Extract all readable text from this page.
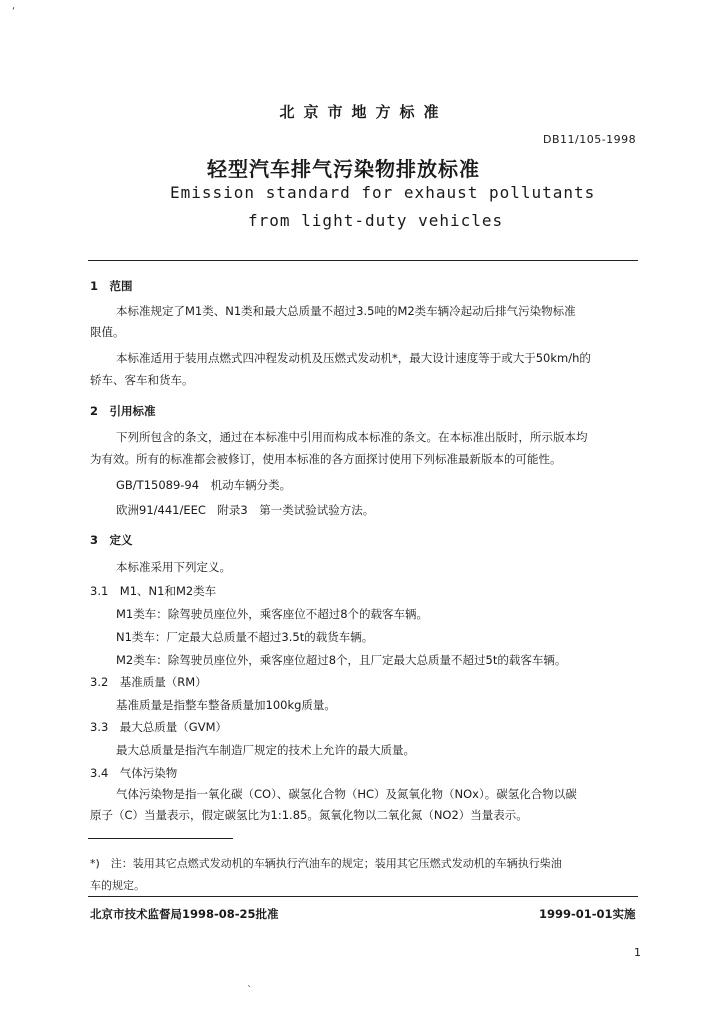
‘
北京市地方标准
DB11/105-1998
轻型汽车排气污染物排放标准
Emission standard for exhaust pollutants
from light-duty vehicles
1　范围
本标准规定了M1类、N1类和最大总质量不超过3.5吨的M2类车辆冷起动后排气污染物标准
限值。
本标准适用于装用点燃式四冲程发动机及压燃式发动机*，最大设计速度等于或大于50km/h的
轿车、客车和货车。
2　引用标准
下列所包含的条文，通过在本标准中引用而构成本标准的条文。在本标准出版时，所示版本均
为有效。所有的标准都会被修订，使用本标准的各方面探讨使用下列标准最新版本的可能性。
GB/T15089-94　机动车辆分类。
欧洲91/441/EEC　附录3　第一类试验试验方法。
3　定义
本标准采用下列定义。
3.1　M1、N1和M2类车
M1类车：除驾驶员座位外，乘客座位不超过8个的载客车辆。
N1类车：厂定最大总质量不超过3.5t的载货车辆。
M2类车：除驾驶员座位外，乘客座位超过8个，且厂定最大总质量不超过5t的载客车辆。
3.2　基准质量（RM）
基准质量是指整车整备质量加100kg质量。
3.3　最大总质量（GVM）
最大总质量是指汽车制造厂规定的技术上允许的最大质量。
3.4　气体污染物
气体污染物是指一氧化碳（CO）、碳氢化合物（HC）及氮氧化物（NOx）。碳氢化合物以碳
原子（C）当量表示，假定碳氢比为1:1.85。氮氧化物以二氧化氮（NO2）当量表示。
*)　注：装用其它点燃式发动机的车辆执行汽油车的规定；装用其它压燃式发动机的车辆执行柴油
车的规定。
北京市技术监督局1998-08-25批准	1999-01-01实施
1
ˋ
